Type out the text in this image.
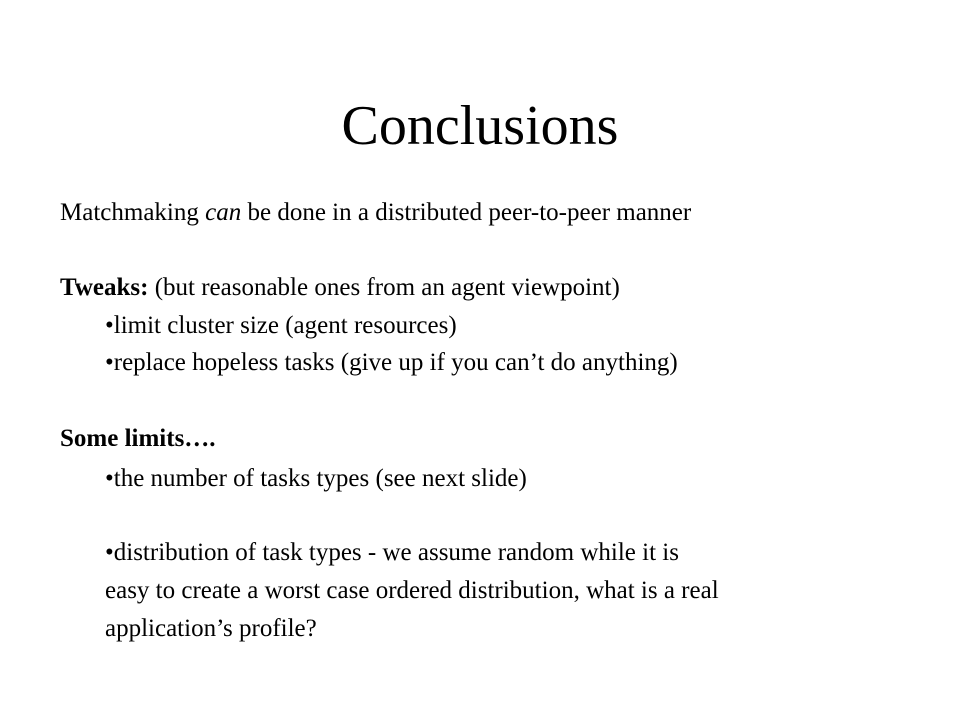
Conclusions
Matchmaking can be done in a distributed peer-to-peer manner
Tweaks: (but reasonable ones from an agent viewpoint)
•limit cluster size (agent resources)
•replace hopeless tasks (give up if you can’t do anything)
Some limits….
•the number of tasks types (see next slide)
•distribution of task types - we assume random while it is
easy to create a worst case ordered distribution, what is a real
application’s profile?
